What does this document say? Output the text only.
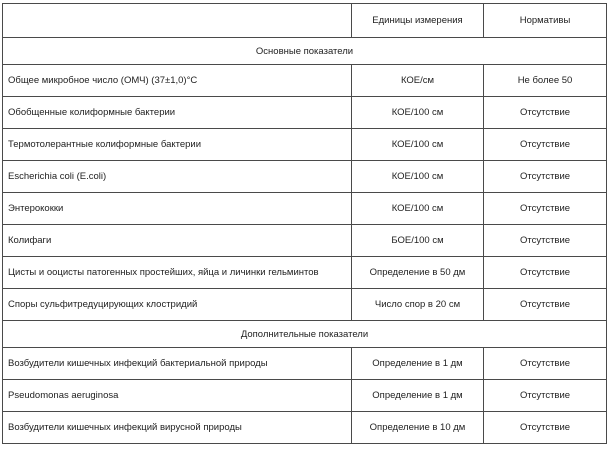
	Единицы измерения	Нормативы
Основные показатели		
Общее микробное число (ОМЧ) (37±1,0)°С	КОЕ/см	Не более 50
Обобщенные колиформные бактерии	КОЕ/100 см	Отсутствие
Термотолерантные колиформные бактерии	КОЕ/100 см	Отсутствие
Escherichia coli (E.coli)	КОЕ/100 см	Отсутствие
Энтерококки	КОЕ/100 см	Отсутствие
Колифаги	БОЕ/100 см	Отсутствие
Цисты и ооцисты патогенных простейших, яйца и личинки гельминтов	Определение в 50 дм	Отсутствие
Споры сульфитредуцирующих клостридий	Число спор в 20 см	Отсутствие
Дополнительные показатели		
Возбудители кишечных инфекций бактериальной природы	Определение в 1 дм	Отсутствие
Pseudomonas aeruginosa	Определение в 1 дм	Отсутствие
Возбудители кишечных инфекций вирусной природы	Определение в 10 дм	Отсутствие
